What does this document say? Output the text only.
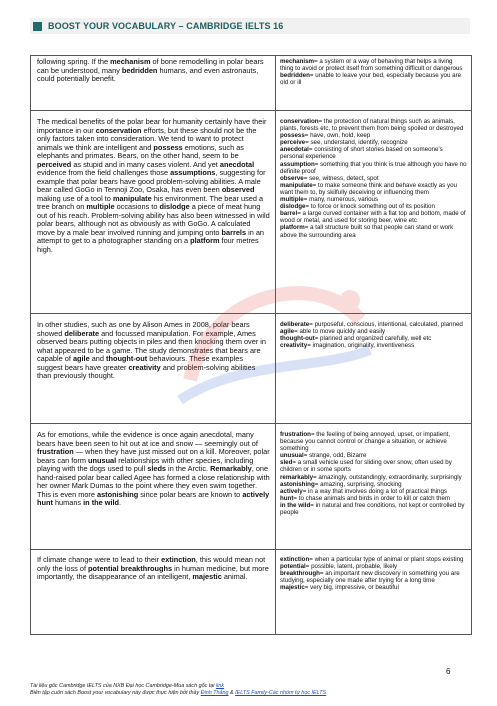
BOOST YOUR VOCABULARY – CAMBRIDGE IELTS 16

following spring. If the mechanism of bone remodelling in polar bears can be understood, many bedridden humans, and even astronauts, could potentially benefit.

mechanism= a system or a way of behaving that helps a living thing to avoid or protect itself from something difficult or dangerous
bedridden= unable to leave your bed, especially because you are old or ill

The medical benefits of the polar bear for humanity certainly have their importance in our conservation efforts, but these should not be the only factors taken into consideration. We tend to want to protect animals we think are intelligent and possess emotions, such as elephants and primates. Bears, on the other hand, seem to be perceived as stupid and in many cases violent. And yet anecdotal evidence from the field challenges those assumptions, suggesting for example that polar bears have good problem-solving abilities. A male bear called GoGo in Tennoji Zoo, Osaka, has even been observed making use of a tool to manipulate his environment. The bear used a tree branch on multiple occasions to dislodge a piece of meat hung out of his reach. Problem-solving ability has also been witnessed in wild polar bears, although not as obviously as with GoGo. A calculated move by a male bear involved running and jumping onto barrels in an attempt to get to a photographer standing on a platform four metres high.

conservation= the protection of natural things such as animals, plants, forests etc, to prevent them from being spoiled or destroyed
possess= have, own, hold, keep
perceive= see, understand, identify, recognize
anecdotal= consisting of short stories based on someone’s personal experience
assumption= something that you think is true although you have no definite proof
observe= see, witness, detect, spot
manipulate= to make someone think and behave exactly as you want them to, by skilfully deceiving or influencing them
multiple= many, numerous, various
dislodge= to force or knock something out of its position
barrel= a large curved container with a flat top and bottom, made of wood or metal, and used for storing beer, wine etc
platform= a tall structure built so that people can stand or work above the surrounding area

In other studies, such as one by Alison Ames in 2008, polar bears showed deliberate and focussed manipulation. For example, Ames observed bears putting objects in piles and then knocking them over in what appeared to be a game. The study demonstrates that bears are capable of agile and thought-out behaviours. These examples suggest bears have greater creativity and problem-solving abilities than previously thought.

deliberate= purposeful, conscious, intentional, calculated, planned
agile= able to move quickly and easily
thought-out= planned and organized carefully, well etc
creativity= imagination, originality, inventiveness

As for emotions, while the evidence is once again anecdotal, many bears have been seen to hit out at ice and snow — seemingly out of frustration — when they have just missed out on a kill. Moreover, polar bears can form unusual relationships with other species, including playing with the dogs used to pull sleds in the Arctic. Remarkably, one hand-raised polar bear called Agee has formed a close relationship with her owner Mark Dumas to the point where they even swim together. This is even more astonishing since polar bears are known to actively hunt humans in the wild.

frustration= the feeling of being annoyed, upset, or impatient, because you cannot control or change a situation, or achieve something
unusual= strange, odd, Bizarre
sled= a small vehicle used for sliding over snow, often used by children or in some sports
remarkably= amazingly, outstandingly, extraordinarily, surprisingly
astonishing= amazing, surprising, shocking
actively= in a way that involves doing a lot of practical things
hunt= to chase animals and birds in order to kill or catch them
in the wild= in natural and free conditions, not kept or controlled by people

If climate change were to lead to their extinction, this would mean not only the loss of potential breakthroughs in human medicine, but more importantly, the disappearance of an intelligent, majestic animal.

extinction= when a particular type of animal or plant stops existing
potential= possible, latent, probable, likely
breakthrough= an important new discovery in something you are studying, especially one made after trying for a long time
majestic= very big, impressive, or beautiful
6
Tài liệu gốc Cambridge IELTS của NXB Đại học Cambridge-Mua sách gốc tại link
Biên tập cuốn sách Boost your vocabulary này được thực hiện bởi thầy Đinh Thắng & IELTS Family-Các nhóm tự học IELTS
